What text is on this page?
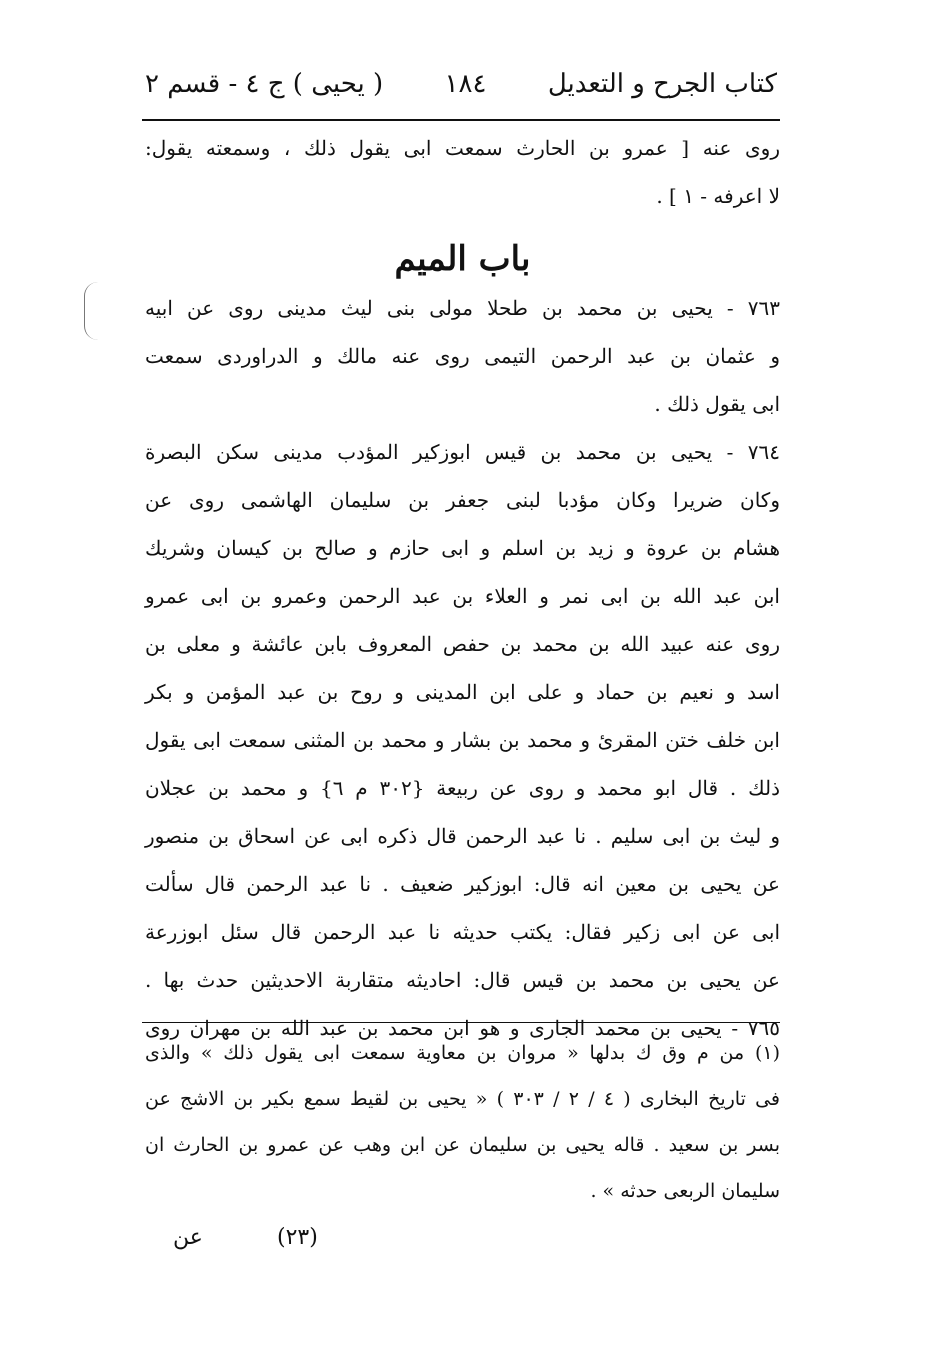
كتاب الجرح و التعديل
١٨٤
( يحيى ) ج ٤ - قسم ٢
روى عنه [ عمرو بن الحارث سمعت ابى يقول ذلك ، وسمعته يقول:
لا اعرفه - ١ ] .
باب الميم
٧٦٣ - يحيى بن محمد بن طحلا مولى بنى ليث مدينى روى عن ابيه
و عثمان بن عبد الرحمن التيمى روى عنه مالك و الدراوردى سمعت
ابى يقول ذلك .
٧٦٤ - يحيى بن محمد بن قيس ابوزكير المؤدب مدينى سكن البصرة
وكان ضريرا وكان مؤدبا لبنى جعفر بن سليمان الهاشمى روى عن
هشام بن عروة و زيد بن اسلم و ابى حازم و صالح بن كيسان وشريك
ابن عبد الله بن ابى نمر و العلاء بن عبد الرحمن وعمرو بن ابى عمرو
روى عنه عبيد الله بن محمد بن حفص المعروف بابن عائشة و معلى بن
اسد و نعيم بن حماد و على ابن المدينى و روح بن عبد المؤمن و بكر
ابن خلف ختن المقرئ و محمد بن بشار و محمد بن المثنى سمعت ابى يقول
ذلك . قال ابو محمد و روى عن ربيعة {٣٠٢ م ٦} و محمد بن عجلان
و ليث بن ابى سليم . نا عبد الرحمن قال ذكره ابى عن اسحاق بن منصور
عن يحيى بن معين انه قال: ابوزكير ضعيف . نا عبد الرحمن قال سألت
ابى عن ابى زكير فقال: يكتب حديثه نا عبد الرحمن قال سئل ابوزرعة
عن يحيى بن محمد بن قيس قال: احاديثه متقاربة الاحديثين حدث بها .
٧٦٥ - يحيى بن محمد الجارى و هو ابن محمد بن عبد الله بن مهران روى
(١) من م وق ك بدلها « مروان بن معاوية سمعت ابى يقول ذلك » والذى
فى تاريخ البخارى ( ٤ / ٢ / ٣٠٣ ) « يحيى بن لقيط سمع بكير بن الاشج عن
بسر بن سعيد . قاله يحيى بن سليمان عن ابن وهب عن عمرو بن الحارث ان
سليمان الربعى حدثه » .
(٢٣)
عن
